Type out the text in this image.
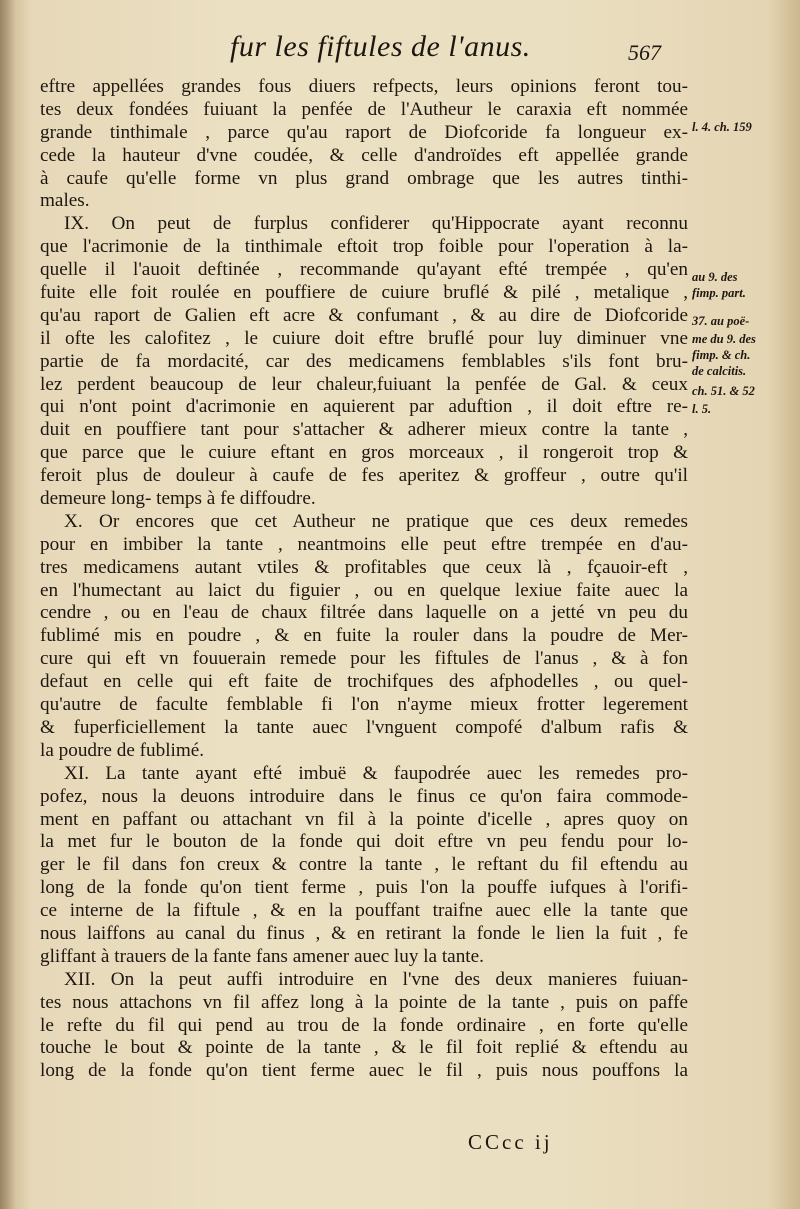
fur les fiftules de l'anus.	567
eftre appellées grandes fous diuers refpects, leurs opinions feront tou-
tes deux fondées fuiuant la penfée de l'Autheur le caraxia eft nommée
grande tinthimale , parce qu'au raport de Diofcoride fa longueur ex-
cede la hauteur d'vne coudée, & celle d'androïdes eft appellée grande
à caufe qu'elle forme vn plus grand ombrage que les autres tinthi-
males.
IX. On peut de furplus confiderer qu'Hippocrate ayant reconnu
que l'acrimonie de la tinthimale eftoit trop foible pour l'operation à la-
quelle il l'auoit deftinée , recommande qu'ayant efté trempée , qu'en
fuite elle foit roulée en pouffiere de cuiure bruflé & pilé , metalique ,
qu'au raport de Galien eft acre & confumant , & au dire de Diofcoride
il ofte les calofitez , le cuiure doit eftre bruflé pour luy diminuer vne
partie de fa mordacité, car des medicamens femblables s'ils font bru-
lez perdent beaucoup de leur chaleur,fuiuant la penfée de Gal. & ceux
qui n'ont point d'acrimonie en aquierent par aduftion , il doit eftre re-
duit en pouffiere tant pour s'attacher & adherer mieux contre la tante ,
que parce que le cuiure eftant en gros morceaux , il rongeroit trop &
feroit plus de douleur à caufe de fes aperitez & groffeur , outre qu'il
demeure long- temps à fe diffoudre.
X. Or encores que cet Autheur ne pratique que ces deux remedes
pour en imbiber la tante , neantmoins elle peut eftre trempée en d'au-
tres medicamens autant vtiles & profitables que ceux là , fçauoir-eft ,
en l'humectant au laict du figuier , ou en quelque lexiue faite auec la
cendre , ou en l'eau de chaux filtrée dans laquelle on a jetté vn peu du
fublimé mis en poudre , & en fuite la rouler dans la poudre de Mer-
cure qui eft vn fouuerain remede pour les fiftules de l'anus , & à fon
defaut en celle qui eft faite de trochifques des afphodelles , ou quel-
qu'autre de faculte femblable fi l'on n'ayme mieux frotter legerement
& fuperficiellement la tante auec l'vnguent compofé d'album rafis &
la poudre de fublimé.
XI. La tante ayant efté imbuë & faupodrée auec les remedes pro-
pofez, nous la deuons introduire dans le finus ce qu'on faira commode-
ment en paffant ou attachant vn fil à la pointe d'icelle , apres quoy on
la met fur le bouton de la fonde qui doit eftre vn peu fendu pour lo-
ger le fil dans fon creux & contre la tante , le reftant du fil eftendu au
long de la fonde qu'on tient ferme , puis l'on la pouffe iufques à l'orifi-
ce interne de la fiftule , & en la pouffant traifne auec elle la tante que
nous laiffons au canal du finus , & en retirant la fonde le lien la fuit , fe
gliffant à trauers de la fante fans amener auec luy la tante.
XII. On la peut auffi introduire en l'vne des deux manieres fuiuan-
tes nous attachons vn fil affez long à la pointe de la tante , puis on paffe
le refte du fil qui pend au trou de la fonde ordinaire , en forte qu'elle
touche le bout & pointe de la tante , & le fil foit replié & eftendu au
long de la fonde qu'on tient ferme auec le fil , puis nous pouffons la
l. 4. ch. 159
au 9. des
fimp. part.
37. au poë-
me du 9. des
fimp. & ch.
de calcitis.
ch. 51. & 52
l. 5.
CCcc ij
